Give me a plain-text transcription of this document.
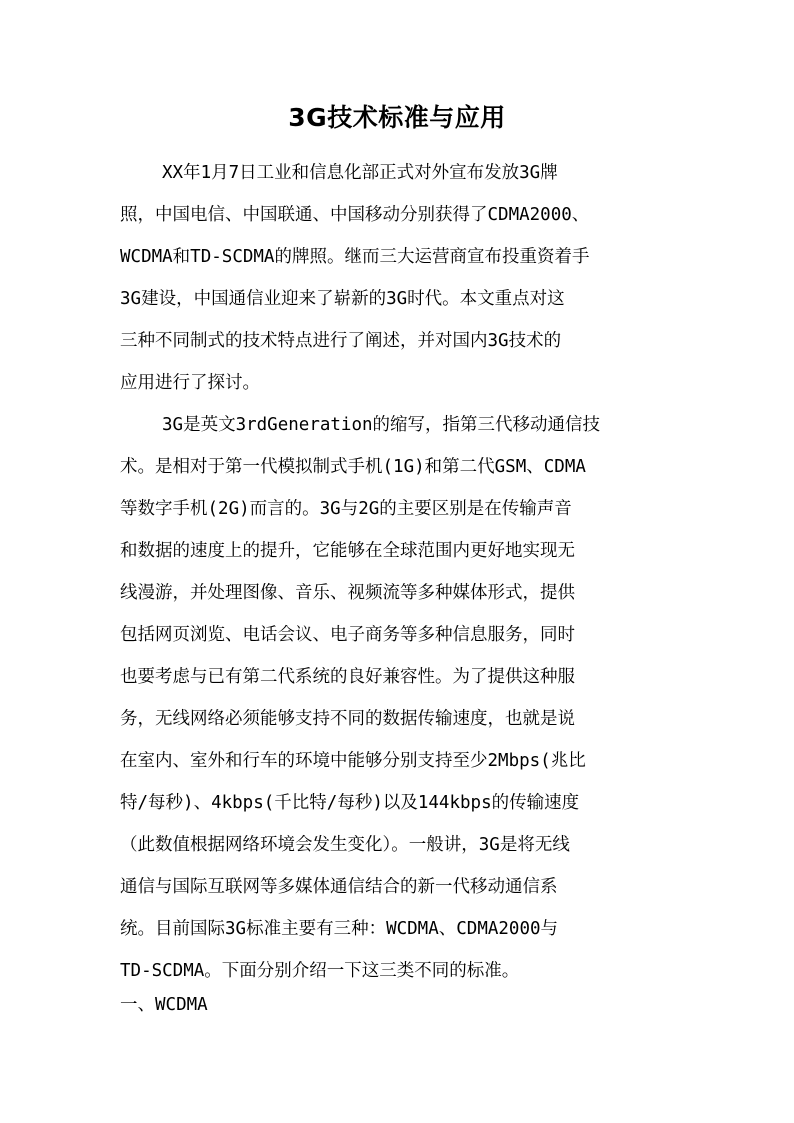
3G技术标准与应用
XX年1月7日工业和信息化部正式对外宣布发放3G牌
照，中国电信、中国联通、中国移动分别获得了CDMA2000、
WCDMA和TD-SCDMA的牌照。继而三大运营商宣布投重资着手
3G建设，中国通信业迎来了崭新的3G时代。本文重点对这
三种不同制式的技术特点进行了阐述，并对国内3G技术的
应用进行了探讨。
3G是英文3rdGeneration的缩写，指第三代移动通信技
术。是相对于第一代模拟制式手机(1G)和第二代GSM、CDMA
等数字手机(2G)而言的。3G与2G的主要区别是在传输声音
和数据的速度上的提升，它能够在全球范围内更好地实现无
线漫游，并处理图像、音乐、视频流等多种媒体形式，提供
包括网页浏览、电话会议、电子商务等多种信息服务，同时
也要考虑与已有第二代系统的良好兼容性。为了提供这种服
务，无线网络必须能够支持不同的数据传输速度，也就是说
在室内、室外和行车的环境中能够分别支持至少2Mbps(兆比
特/每秒)、4kbps(千比特/每秒)以及144kbps的传输速度
（此数值根据网络环境会发生变化）。一般讲，3G是将无线
通信与国际互联网等多媒体通信结合的新一代移动通信系
统。目前国际3G标准主要有三种：WCDMA、CDMA2000与
TD-SCDMA。下面分别介绍一下这三类不同的标准。
一、WCDMA
